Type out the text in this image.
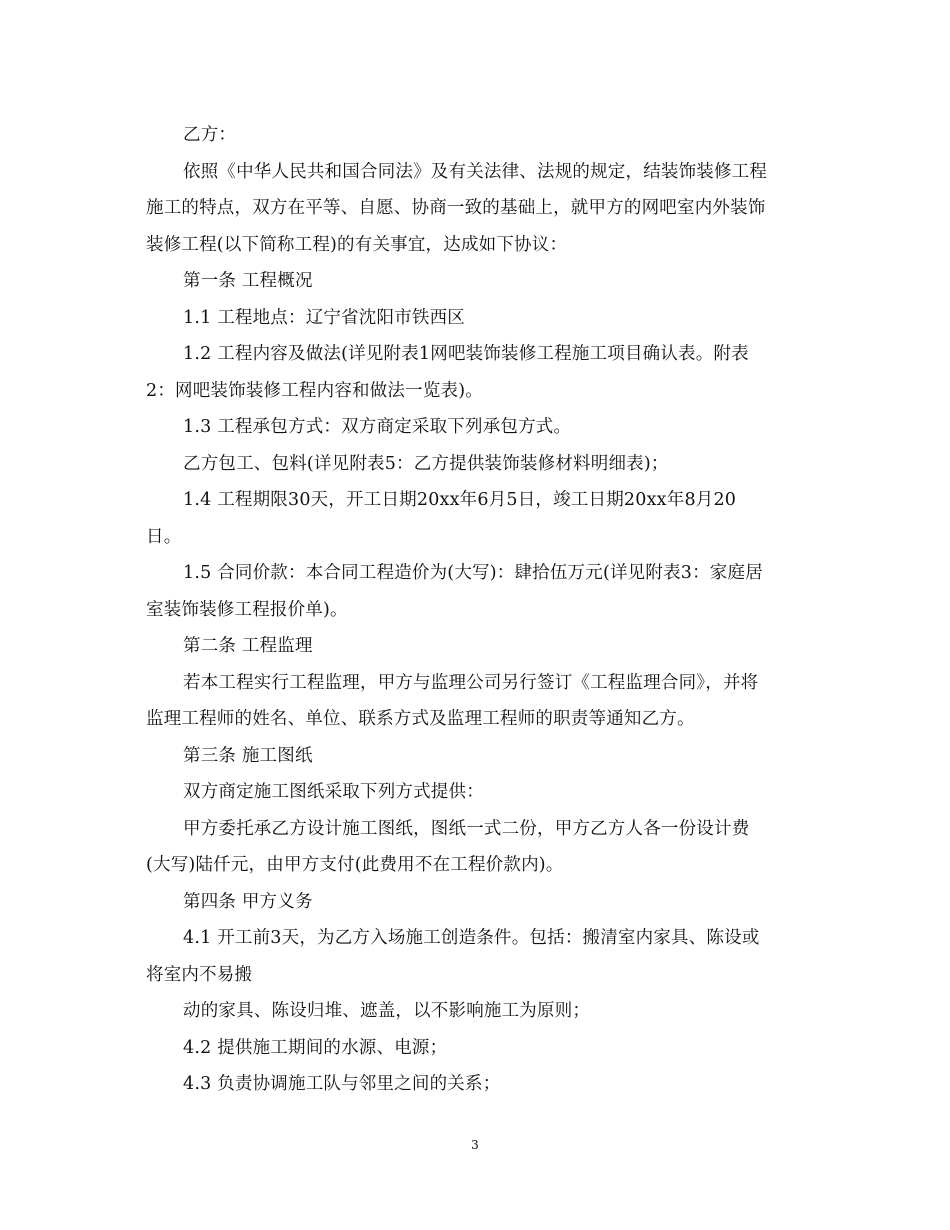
乙方：
依照《中华人民共和国合同法》及有关法律、法规的规定，结装饰装修工程
施工的特点，双方在平等、自愿、协商一致的基础上，就甲方的网吧室内外装饰
装修工程(以下简称工程)的有关事宜，达成如下协议：
第一条 工程概况
1.1 工程地点：辽宁省沈阳市铁西区
1.2 工程内容及做法(详见附表1网吧装饰装修工程施工项目确认表。附表
2：网吧装饰装修工程内容和做法一览表)。
1.3 工程承包方式：双方商定采取下列承包方式。
乙方包工、包料(详见附表5：乙方提供装饰装修材料明细表)；
1.4 工程期限30天，开工日期20xx年6月5日，竣工日期20xx年8月20
日。
1.5 合同价款：本合同工程造价为(大写)：肆拾伍万元(详见附表3：家庭居
室装饰装修工程报价单)。
第二条 工程监理
若本工程实行工程监理，甲方与监理公司另行签订《工程监理合同》，并将
监理工程师的姓名、单位、联系方式及监理工程师的职责等通知乙方。
第三条 施工图纸
双方商定施工图纸采取下列方式提供：
甲方委托承乙方设计施工图纸，图纸一式二份，甲方乙方人各一份设计费
(大写)陆仟元，由甲方支付(此费用不在工程价款内)。
第四条 甲方义务
4.1 开工前3天，为乙方入场施工创造条件。包括：搬清室内家具、陈设或
将室内不易搬
动的家具、陈设归堆、遮盖，以不影响施工为原则；
4.2 提供施工期间的水源、电源；
4.3 负责协调施工队与邻里之间的关系；
3
